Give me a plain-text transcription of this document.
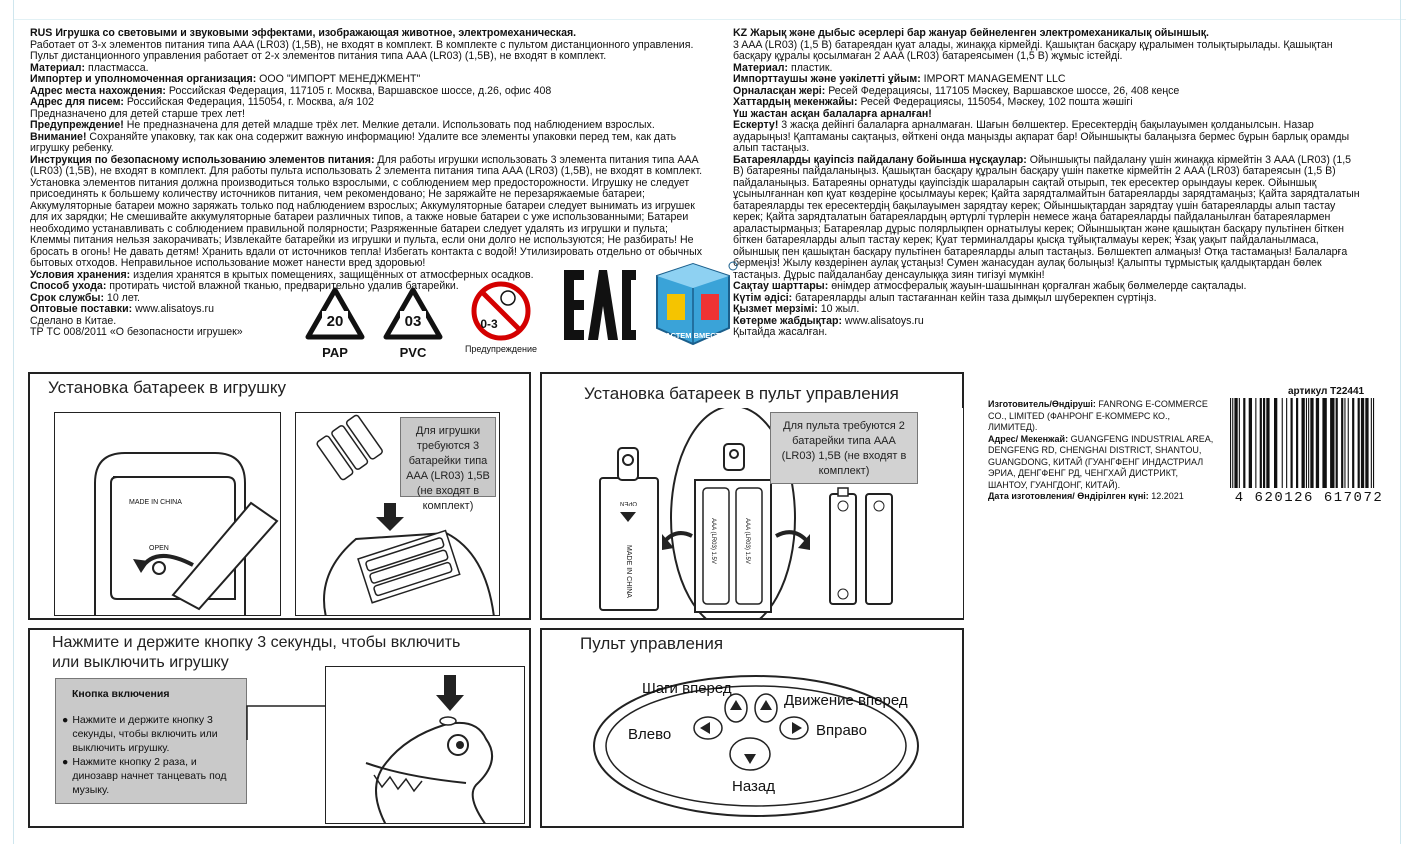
RUS Игрушка со световыми и звуковыми эффектами, изображающая животное, электромеханическая.
Работает от 3-х элементов питания типа AAA (LR03) (1,5В), не входят в комплект. В комплекте с пультом дистанционного управления.
Пульт дистанционного управления работает от 2-х элементов питания типа AAA (LR03) (1,5В), не входят в комплект.
Материал: пластмасса.
Импортер и уполномоченная организация: ООО "ИМПОРТ МЕНЕДЖМЕНТ"
Адрес места нахождения: Российская Федерация, 117105 г. Москва, Варшавское шоссе, д.26, офис 408
Адрес для писем: Российская Федерация, 115054, г. Москва, а/я 102
Предназначено для детей старше трех лет!
Предупреждение! Не предназначена для детей младше трёх лет. Мелкие детали. Использовать под наблюдением взрослых.
Внимание! Сохраняйте упаковку, так как она содержит важную информацию! Удалите все элементы упаковки перед тем, как дать
игрушку ребенку.
Инструкция по безопасному использованию элементов питания: Для работы игрушки использовать 3 элемента питания типа AAA
(LR03) (1,5В), не входят в комплект. Для работы пульта использовать 2 элемента питания типа AAA (LR03) (1,5В), не входят в комплект.
Установка элементов питания должна производиться только взрослыми, с соблюдением мер предосторожности. Игрушку не следует
присоединять к большему количеству источников питания, чем рекомендовано; Не заряжайте не перезаряжаемые батареи;
Аккумуляторные батареи можно заряжать только под наблюдением взрослых; Аккумуляторные батареи следует вынимать из игрушек
для их зарядки; Не смешивайте аккумуляторные батареи различных типов, а также новые батареи с уже использованными; Батареи
необходимо устанавливать с соблюдением правильной полярности; Разряженные батареи следует удалять из игрушки и пульта;
Клеммы питания нельзя закорачивать; Извлекайте батарейки из игрушки и пульта, если они долго не используются; Не разбирать! Не
бросать в огонь! Не давать детям! Хранить вдали от источников тепла! Избегать контакта с водой! Утилизировать отдельно от обычных
бытовых отходов. Неправильное использование может нанести вред здоровью!
Условия хранения: изделия хранятся в крытых помещениях, защищённых от атмосферных осадков.
Способ ухода: протирать чистой влажной тканью, предварительно удалив батарейки.
Срок службы: 10 лет.
Оптовые поставки: www.alisatoys.ru
Сделано в Китае.
ТР ТС 008/2011 «О безопасности игрушек»
KZ Жарық және дыбыс әсерлері бар жануар бейнеленген электромеханикалық ойыншық.
3 AAA (LR03) (1,5 B) батареядан қуат алады, жинаққа кірмейді. Қашықтан басқару құралымен толықтырылады. Қашықтан
басқару құралы қосылмаған 2 AAA (LR03) батареясымен (1,5 B) жұмыс істейді.
Материал: пластик.
Импорттаушы және уәкілетті ұйым: IMPORT MANAGEMENT LLC
Орналасқан жері: Ресей Федерациясы, 117105 Мәскеу, Варшавское шоссе, 26, 408 кеңсе
Хаттардың мекенжайы: Ресей Федерациясы, 115054, Мәскеу, 102 пошта жәшігі
Үш жастан асқан балаларға арналған!
Ескерту! 3 жасқа дейінгі балаларға арналмаған. Шағын бөлшектер. Ересектердің бақылауымен қолданылсын. Назар
аударыңыз! Қаптаманы сақтаңыз, өйткені онда маңызды ақпарат бар! Ойыншықты балаңызға бермес бұрын барлық орамды
алып тастаңыз.
Батареяларды қауіпсіз пайдалану бойынша нұсқаулар: Ойыншықты пайдалану үшін жинаққа кірмейтін 3 AAA (LR03) (1,5
B) батареяны пайдаланыңыз. Қашықтан басқару құралын басқару үшін пакетке кірмейтін 2 AAA (LR03) батареясын (1,5 B)
пайдаланыңыз. Батареяны орнатуды қауіпсіздік шараларын сақтай отырып, тек ересектер орындауы керек. Ойыншық
ұсынылғаннан көп қуат көздеріне қосылмауы керек; Қайта зарядталмайтын батареяларды зарядтамаңыз; Қайта зарядталатын
батареяларды тек ересектердің бақылауымен зарядтау керек; Ойыншықтардан зарядтау үшін батареяларды алып тастау
керек; Қайта зарядталатын батареялардың әртүрлі түрлерін немесе жаңа батареяларды пайдаланылған батареялармен
араластырмаңыз; Батареялар дұрыс полярлықпен орнатылуы керек; Ойыншықтан және қашықтан басқару пультінен біткен
біткен батареяларды алып тастау керек; Қуат терминалдары қысқа тұйықталмауы керек; Ұзақ уақыт пайдаланылмаса,
ойыншық пен қашықтан басқару пультінен батареяларды алып тастаңыз. Бөлшектеп алмаңыз! Отқа тастамаңыз! Балаларға
бермеңіз! Жылу көздерінен аулақ ұстаңыз! Сумен жанасудан аулақ болыңыз! Қалыпты тұрмыстық қалдықтардан бөлек
тастаңыз. Дұрыс пайдаланбау денсаулыққа зиян тигізуі мүмкін!
Сақтау шарттары: өнімдер атмосфералық жауын-шашыннан қорғалған жабық бөлмелерде сақталады.
Күтім әдісі: батареяларды алып тастағаннан кейін таза дымқыл шүберекпен сүртіңіз.
Қызмет мерзімі: 10 жыл.
Көтерме жабдықтар: www.alisatoys.ru
Қытайда жасалған.
20
PAP
03
PVC
0-3
Предупреждение
РАСТЕМ ВМЕСТЕ
Установка батареек в игрушку
MADE IN CHINA
OPEN
Для игрушки требуются 3 батарейки типа AAA (LR03) 1,5В (не входят в комплект)
Установка батареек в пульт управления
OPEN
MADE IN CHINA
AAA (LR03) 1.5V	AAA (LR03) 1.5V
Для пульта требуются 2 батарейки типа AAA (LR03) 1,5В (не входят в комплект)
Нажмите и держите кнопку 3 секунды, чтобы включить
или выключить игрушку
Кнопка включения
● Нажмите и держите кнопку 3 секунды, чтобы включить или выключить игрушку.
● Нажмите кнопку 2 раза, и динозавр начнет танцевать под музыку.
Пульт управления
Шаги вперед
Движение вперед
Влево	Вправо
Назад
артикул T22441
Изготовитель/Өндіруші: FANRONG E-COMMERCE CO., LIMITED (ФАНРОНГ Е-КОММЕРС КО., ЛИМИТЕД).
Адрес/ Мекенжай: GUANGFENG INDUSTRIAL AREA, DENGFENG RD, CHENGHAI DISTRICT, SHANTOU, GUANGDONG, КИТАЙ (ГУАНГФЕНГ ИНДАСТРИАЛ ЭРИА, ДЕНГФЕНГ РД, ЧЕНГХАЙ ДИСТРИКТ, ШАНТОУ, ГУАНГДОНГ, КИТАЙ).
Дата изготовления/ Өндірілген күні: 12.2021	4 620126 617072
